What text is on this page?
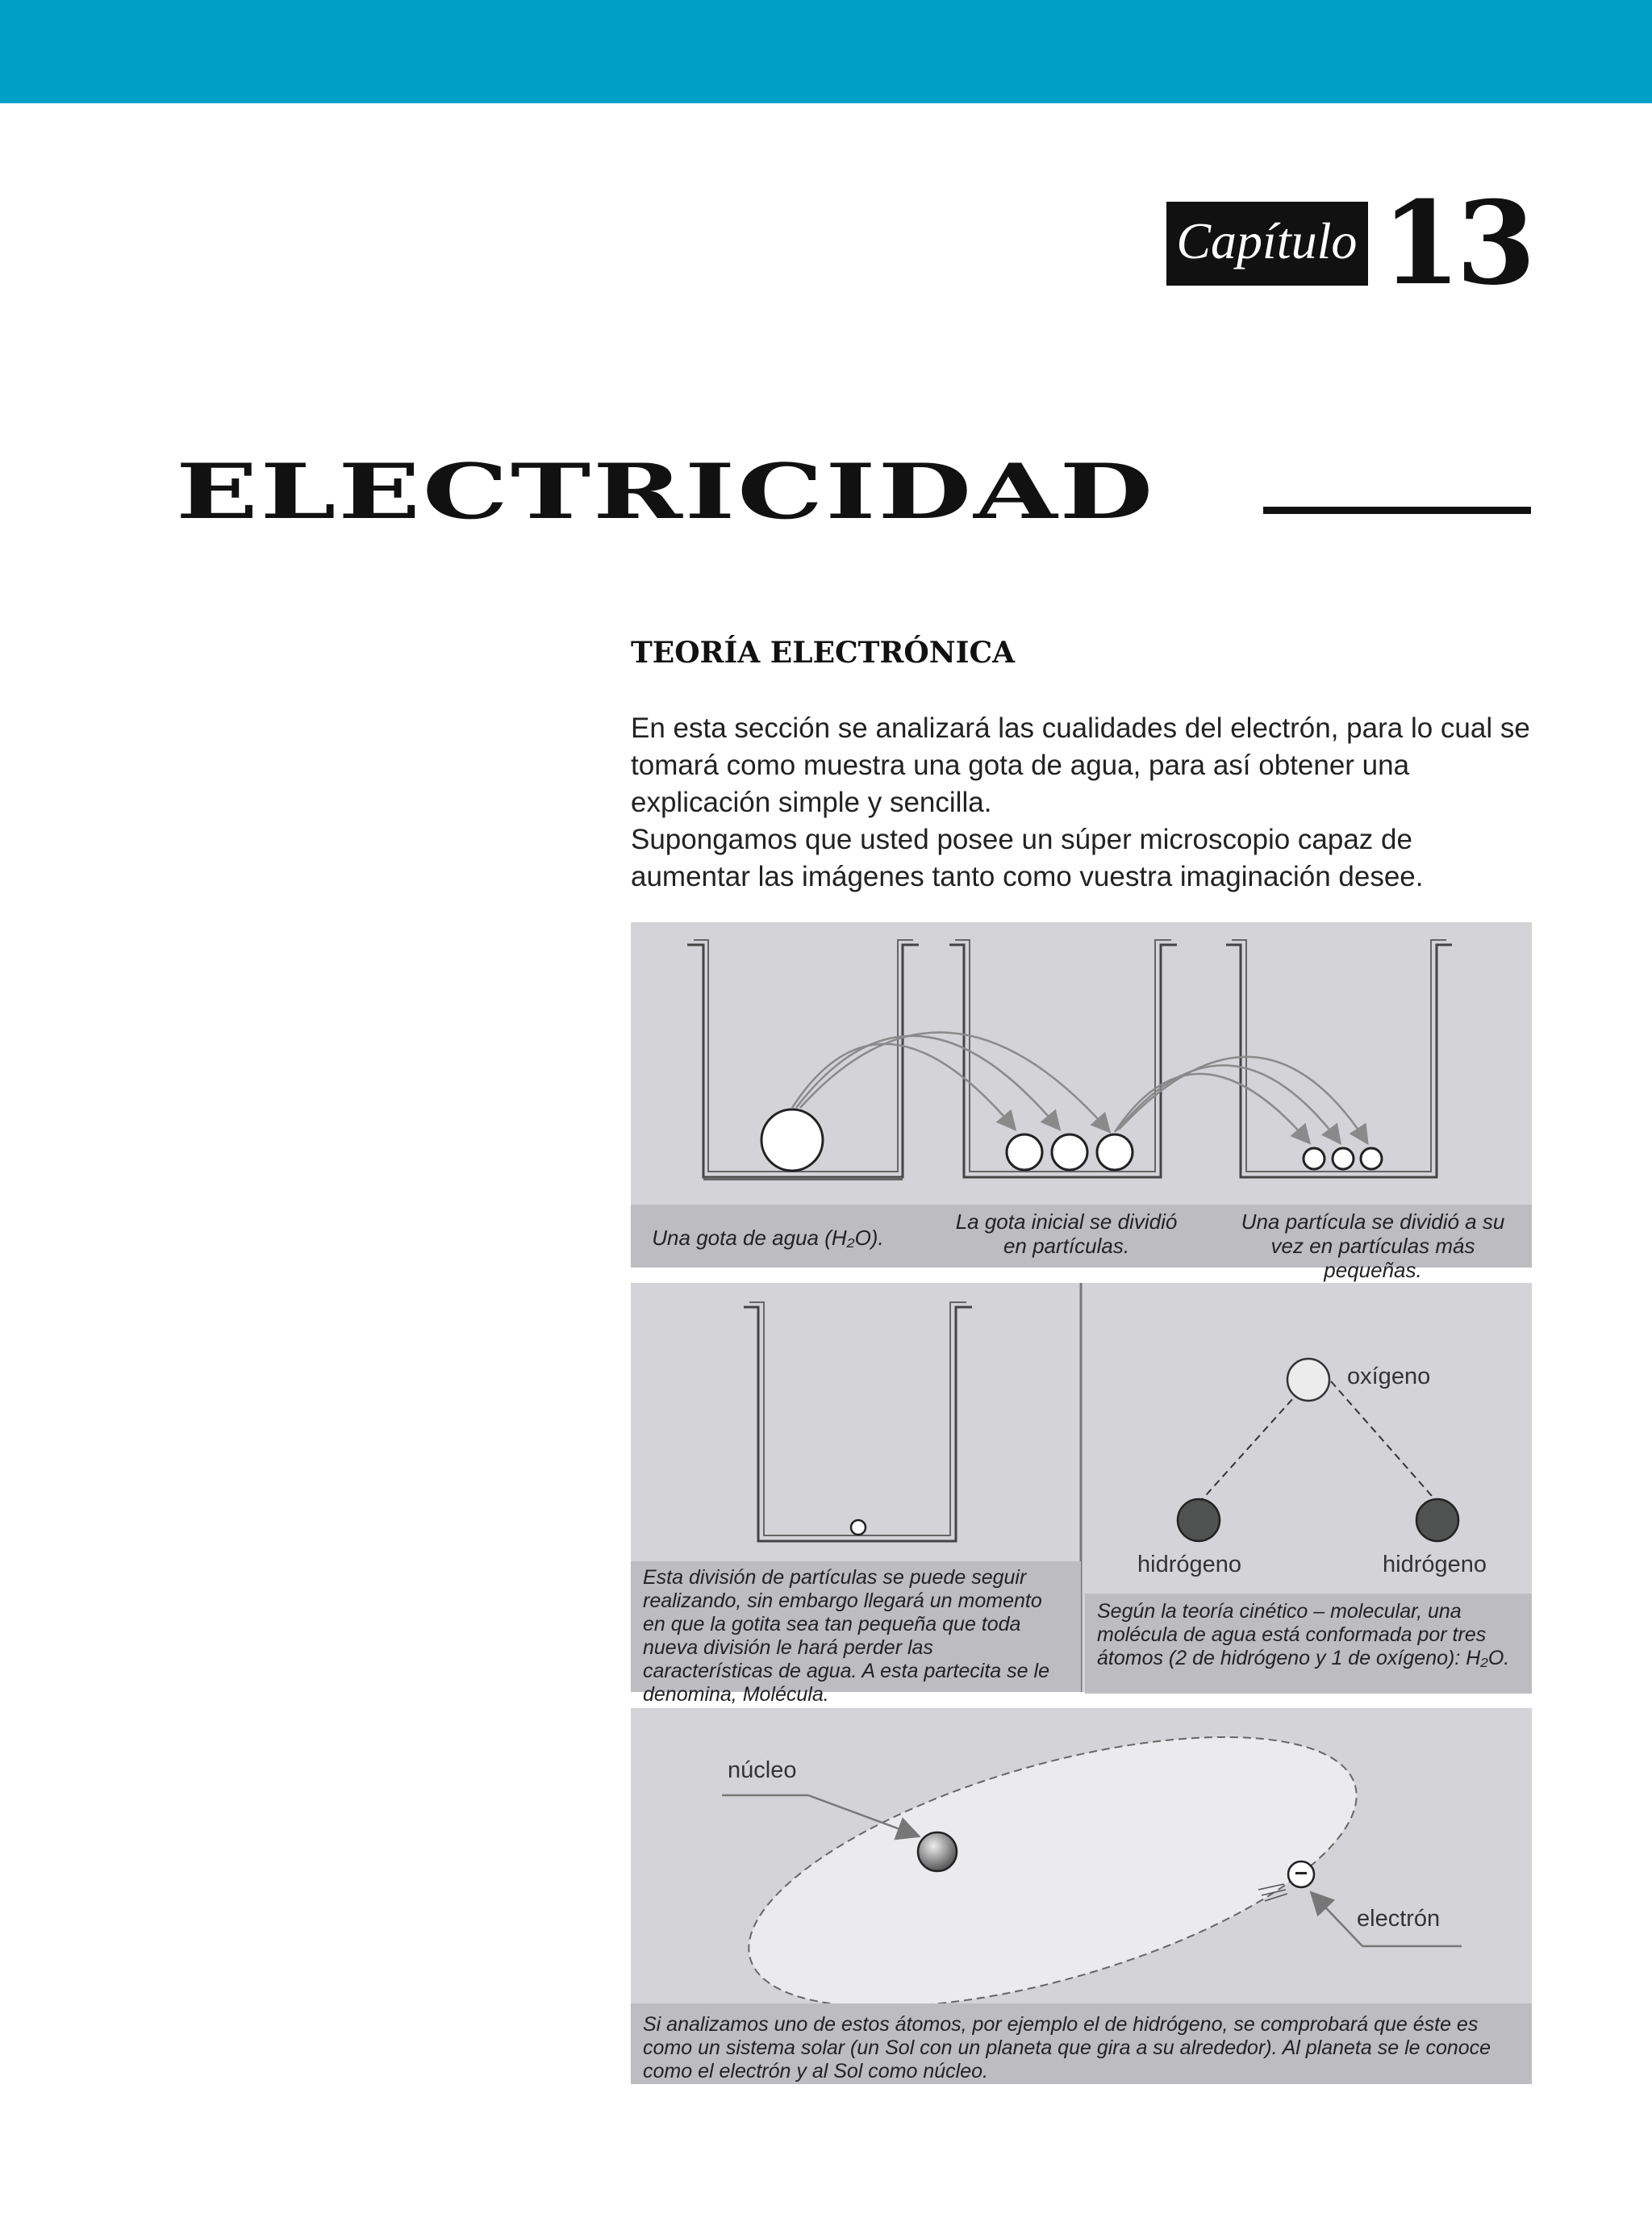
Capítulo 13
ELECTRICIDAD
TEORÍA ELECTRÓNICA

En esta sección se analizará las cualidades del electrón, para lo cual se tomará como muestra una gota de agua, para así obtener una explicación simple y sencilla.

Supongamos que usted posee un súper microscopio capaz de aumentar las imágenes tanto como vuestra imaginación desee.

Una gota de agua (H₂O).
La gota inicial se dividió en partículas.
Una partícula se dividió a su vez en partículas más pequeñas.
oxígeno
hidrógeno	hidrógeno
Esta división de partículas se puede seguir realizando, sin embargo llegará un momento en que la gotita sea tan pequeña que toda nueva división le hará perder las características de agua. A esta partecita se le denomina, Molécula.
Según la teoría cinético – molecular, una molécula de agua está conformada por tres átomos (2 de hidrógeno y 1 de oxígeno): H₂O.
−
núcleo
electrón
Si analizamos uno de estos átomos, por ejemplo el de hidrógeno, se comprobará que éste es como un sistema solar (un Sol con un planeta que gira a su alrededor). Al planeta se le conoce como el electrón y al Sol como núcleo.
